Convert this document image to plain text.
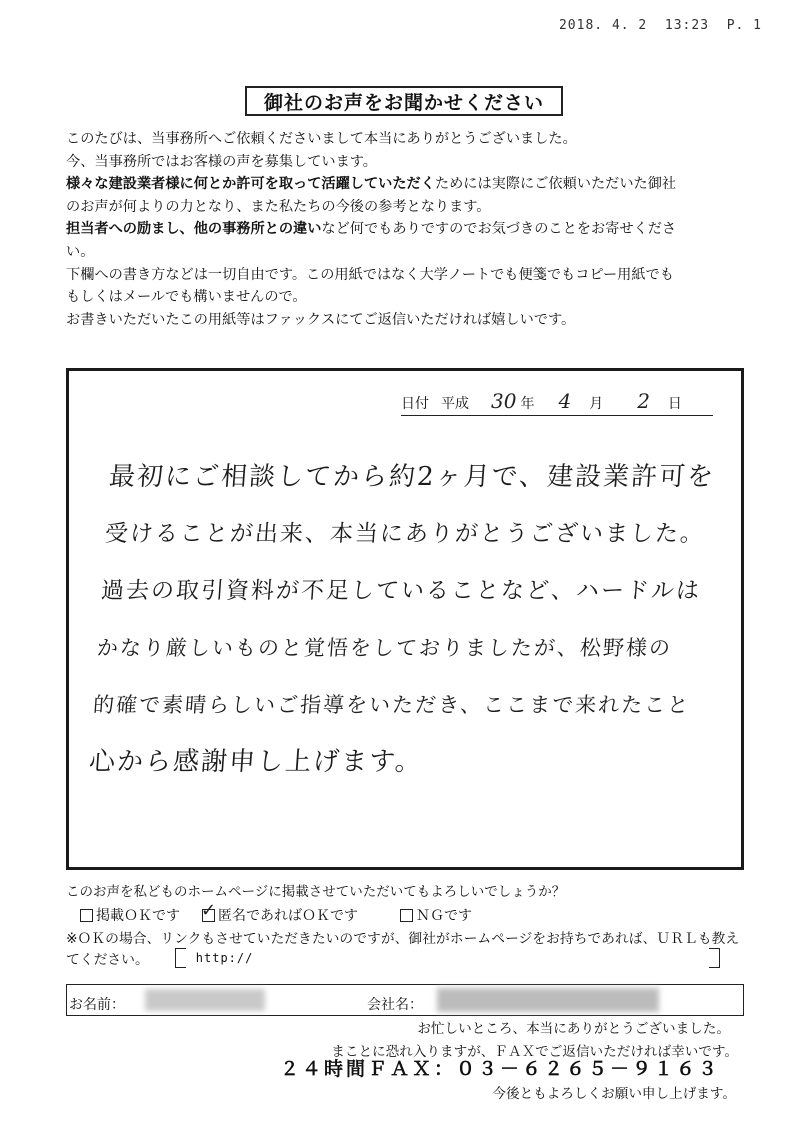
2018. 4. 2  13:23  P. 1
御社のお声をお聞かせください

このたびは、当事務所へご依頼くださいまして本当にありがとうございました。

今、当事務所ではお客様の声を募集しています。

様々な建設業者様に何とか許可を取って活躍していただくためには実際にご依頼いただいた御社

のお声が何よりの力となり、また私たちの今後の参考となります。

担当者への励まし、他の事務所との違いなど何でもありですのでお気づきのことをお寄せくださ

い。

下欄への書き方などは一切自由です。この用紙ではなく大学ノートでも便箋でもコピー用紙でも

もしくはメールでも構いませんので。

お書きいただいたこの用紙等はファックスにてご返信いただければ嬉しいです。

日付 平成 30 年 4 月 2 日

最初にご相談してから約2ヶ月で、建設業許可を

受けることが出来、本当にありがとうございました。

過去の取引資料が不足していることなど、ハードルは

かなり厳しいものと覚悟をしておりましたが、松野様の

的確で素晴らしいご指導をいただき、ここまで来れたこと

心から感謝申し上げます。

このお声を私どものホームページに掲載させていただいてもよろしいでしょうか？
掲載ＯＫです
✓	匿名であればＯＫです	ＮＧです

※ＯＫの場合、リンクもさせていただきたいのですが、御社がホームページをお持ちであれば、ＵＲＬも教え

てください。	http://
お名前：	会社名：
お忙しいところ、本当にありがとうございました。
まことに恐れ入りますが、ＦＡＸでご返信いただければ幸いです。
２４時間ＦＡＸ：０３－６２６５－９１６３
今後ともよろしくお願い申し上げます。
